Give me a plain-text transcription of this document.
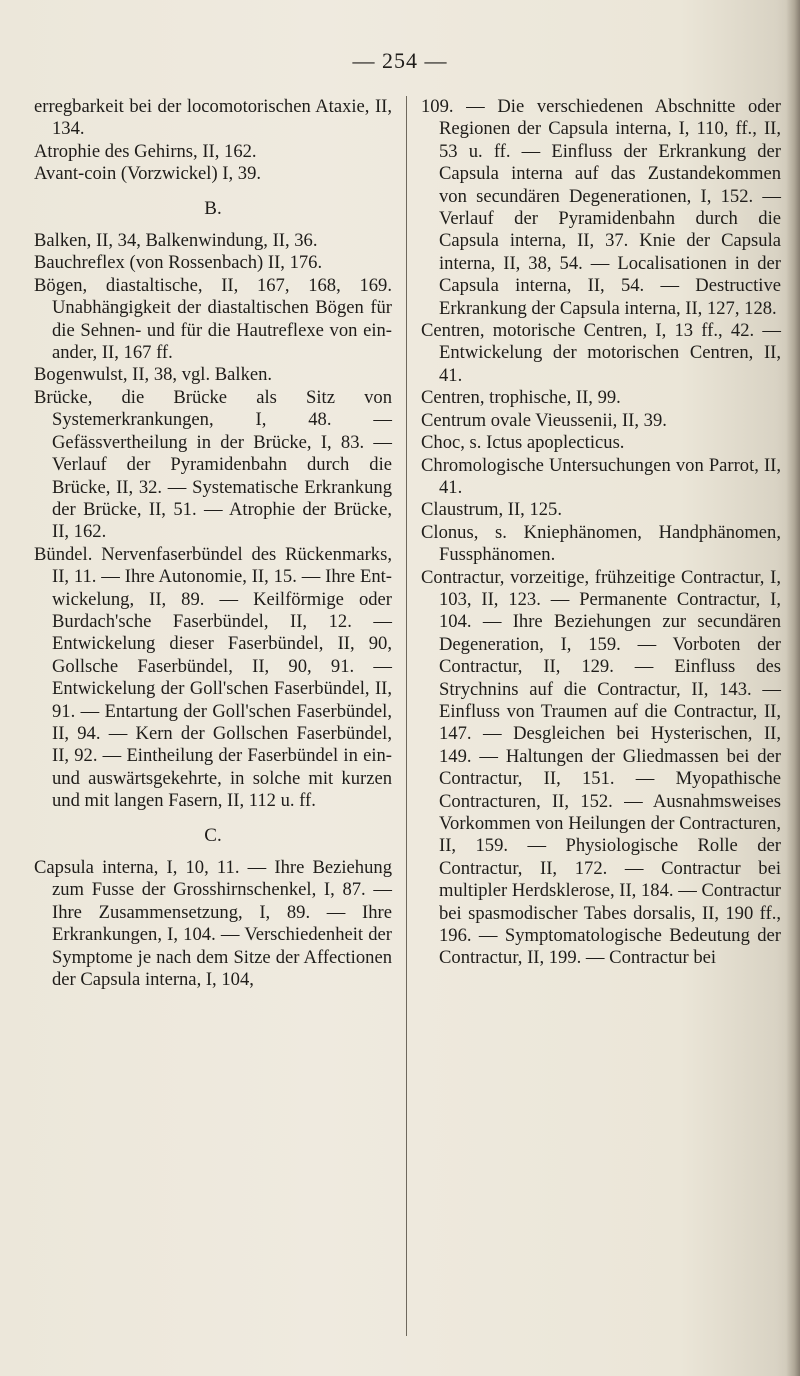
— 254 —

erregbarkeit bei der locomotorischen Ataxie, II, 134.

Atrophie des Gehirns, II, 162.

Avant-coin (Vorzwickel) I, 39.

B.

Balken, II, 34, Balkenwindung, II, 36.

Bauchreflex (von Rossenbach) II, 176.

Bögen, diastaltische, II, 167, 168, 169. Unabhängigkeit der diastaltischen Bögen für die Sehnen- und für die Hautreflexe von einander, II, 167 ff.

Bogenwulst, II, 38, vgl. Balken.

Brücke, die Brücke als Sitz von Systemerkrankungen, I, 48. — Gefässvertheilung in der Brücke, I, 83. — Verlauf der Pyramidenbahn durch die Brücke, II, 32. — Systematische Erkrankung der Brücke, II, 51. — Atrophie der Brücke, II, 162.

Bündel. Nervenfaserbündel des Rückenmarks, II, 11. — Ihre Autonomie, II, 15. — Ihre Entwickelung, II, 89. — Keilförmige oder Burdach'sche Faserbündel, II, 12. — Entwickelung dieser Faserbündel, II, 90, Gollsche Faserbündel, II, 90, 91. — Entwickelung der Goll'schen Faserbündel, II, 91. — Entartung der Goll'schen Faserbündel, II, 94. — Kern der Gollschen Faserbündel, II, 92. — Eintheilung der Faserbündel in ein- und auswärtsgekehrte, in solche mit kurzen und mit langen Fasern, II, 112 u. ff.

C.

Capsula interna, I, 10, 11. — Ihre Beziehung zum Fusse der Grosshirnschenkel, I, 87. — Ihre Zusammensetzung, I, 89. — Ihre Erkrankungen, I, 104. — Verschiedenheit der Symptome je nach dem Sitze der Affectionen der Capsula interna, I, 104,

109. — Die verschiedenen Abschnitte oder Regionen der Capsula interna, I, 110, ff., II, 53 u. ff. — Einfluss der Erkrankung der Capsula interna auf das Zustandekommen von secundären Degenerationen, I, 152. — Verlauf der Pyramidenbahn durch die Capsula interna, II, 37. Knie der Capsula interna, II, 38, 54. — Localisationen in der Capsula interna, II, 54. — Destructive Erkrankung der Capsula interna, II, 127, 128.

Centren, motorische Centren, I, 13 ff., 42. — Entwickelung der motorischen Centren, II, 41.

Centren, trophische, II, 99.

Centrum ovale Vieussenii, II, 39.

Choc, s. Ictus apoplecticus.

Chromologische Untersuchungen von Parrot, II, 41.

Claustrum, II, 125.

Clonus, s. Kniephänomen, Handphänomen, Fussphänomen.

Contractur, vorzeitige, frühzeitige Contractur, I, 103, II, 123. — Permanente Contractur, I, 104. — Ihre Beziehungen zur secundären Degeneration, I, 159. — Vorboten der Contractur, II, 129. — Einfluss des Strychnins auf die Contractur, II, 143. — Einfluss von Traumen auf die Contractur, II, 147. — Desgleichen bei Hysterischen, II, 149. — Haltungen der Gliedmassen bei der Contractur, II, 151. — Myopathische Contracturen, II, 152. — Ausnahmsweises Vorkommen von Heilungen der Contracturen, II, 159. — Physiologische Rolle der Contractur, II, 172. — Contractur bei multipler Herdsklerose, II, 184. — Contractur bei spasmodischer Tabes dorsalis, II, 190 ff., 196. — Symptomatologische Bedeutung der Contractur, II, 199. — Contractur bei
